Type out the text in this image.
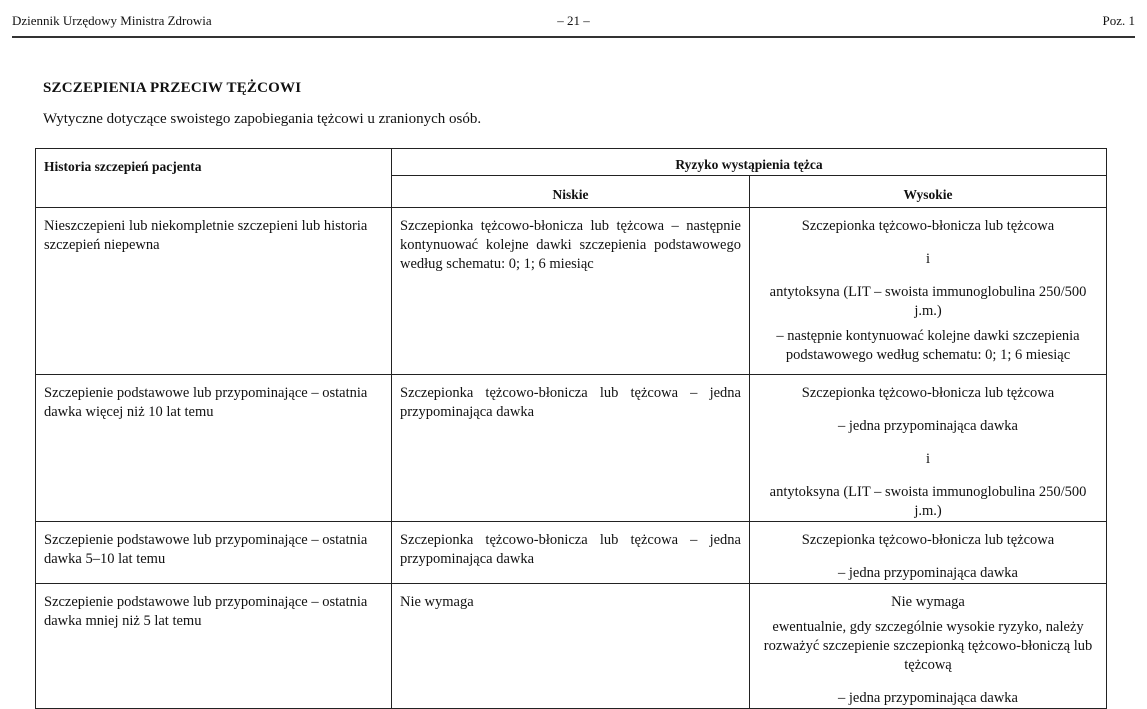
Dziennik Urzędowy Ministra Zdrowia	– 21 –	Poz. 1
SZCZEPIENIA PRZECIW TĘŻCOWI
Wytyczne dotyczące swoistego zapobiegania tężcowi u zranionych osób.
Historia szczepień pacjenta	Ryzyko wystąpienia tężca	
	Niskie	Wysokie
Nieszczepieni lub niekompletnie szczepieni lub historia szczepień niepewna	Szczepionka tężcowo-błonicza lub tężcowa – następnie kontynuować kolejne dawki szczepienia podstawowego według schematu: 0; 1; 6 miesiąc	Szczepionka tężcowo-błonicza lub tężcowa
i
antytoksyna (LIT – swoista immunoglobulina 250/500 j.m.)
– następnie kontynuować kolejne dawki szczepienia podstawowego według schematu: 0; 1; 6 miesiąc

Szczepienie podstawowe lub przypominające – ostatnia dawka więcej niż 10 lat temu	Szczepionka tężcowo-błonicza lub tężcowa – jedna przypominająca dawka	Szczepionka tężcowo-błonicza lub tężcowa
– jedna przypominająca dawka
i
antytoksyna (LIT – swoista immunoglobulina 250/500 j.m.)

Szczepienie podstawowe lub przypominające – ostatnia dawka 5–10 lat temu	Szczepionka tężcowo-błonicza lub tężcowa – jedna przypominająca dawka	Szczepionka tężcowo-błonicza lub tężcowa
– jedna przypominająca dawka

Szczepienie podstawowe lub przypominające – ostatnia dawka mniej niż 5 lat temu	Nie wymaga	Nie wymaga
ewentualnie, gdy szczególnie wysokie ryzyko, należy rozważyć szczepienie szczepionką tężcowo-błoniczą lub tężcową
– jedna przypominająca dawka
